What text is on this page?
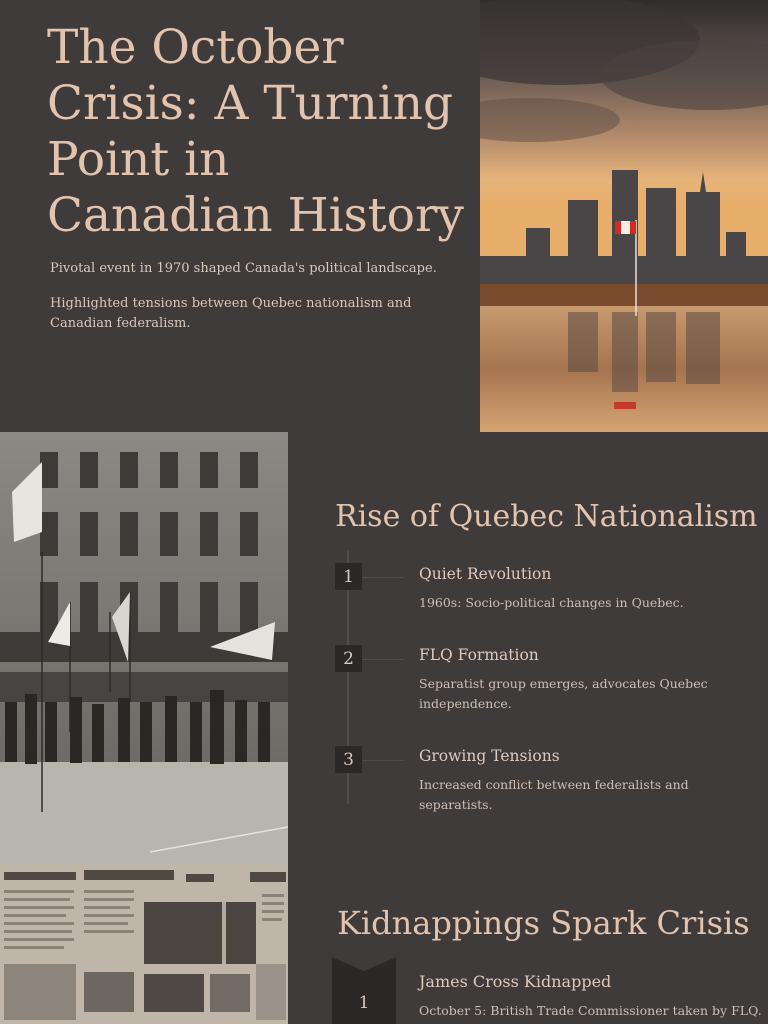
The October Crisis: A Turning Point in Canadian History

Pivotal event in 1970 shaped Canada's political landscape.

Highlighted tensions between Quebec nationalism and Canadian federalism.

Rise of Quebec Nationalism
1	Quiet Revolution

1960s: Socio-political changes in Quebec.

2	FLQ Formation

Separatist group emerges, advocates Quebec independence.

3	Growing Tensions

Increased conflict between federalists and separatists.

Kidnappings Spark Crisis
1
James Cross Kidnapped

October 5: British Trade Commissioner taken by FLQ.
